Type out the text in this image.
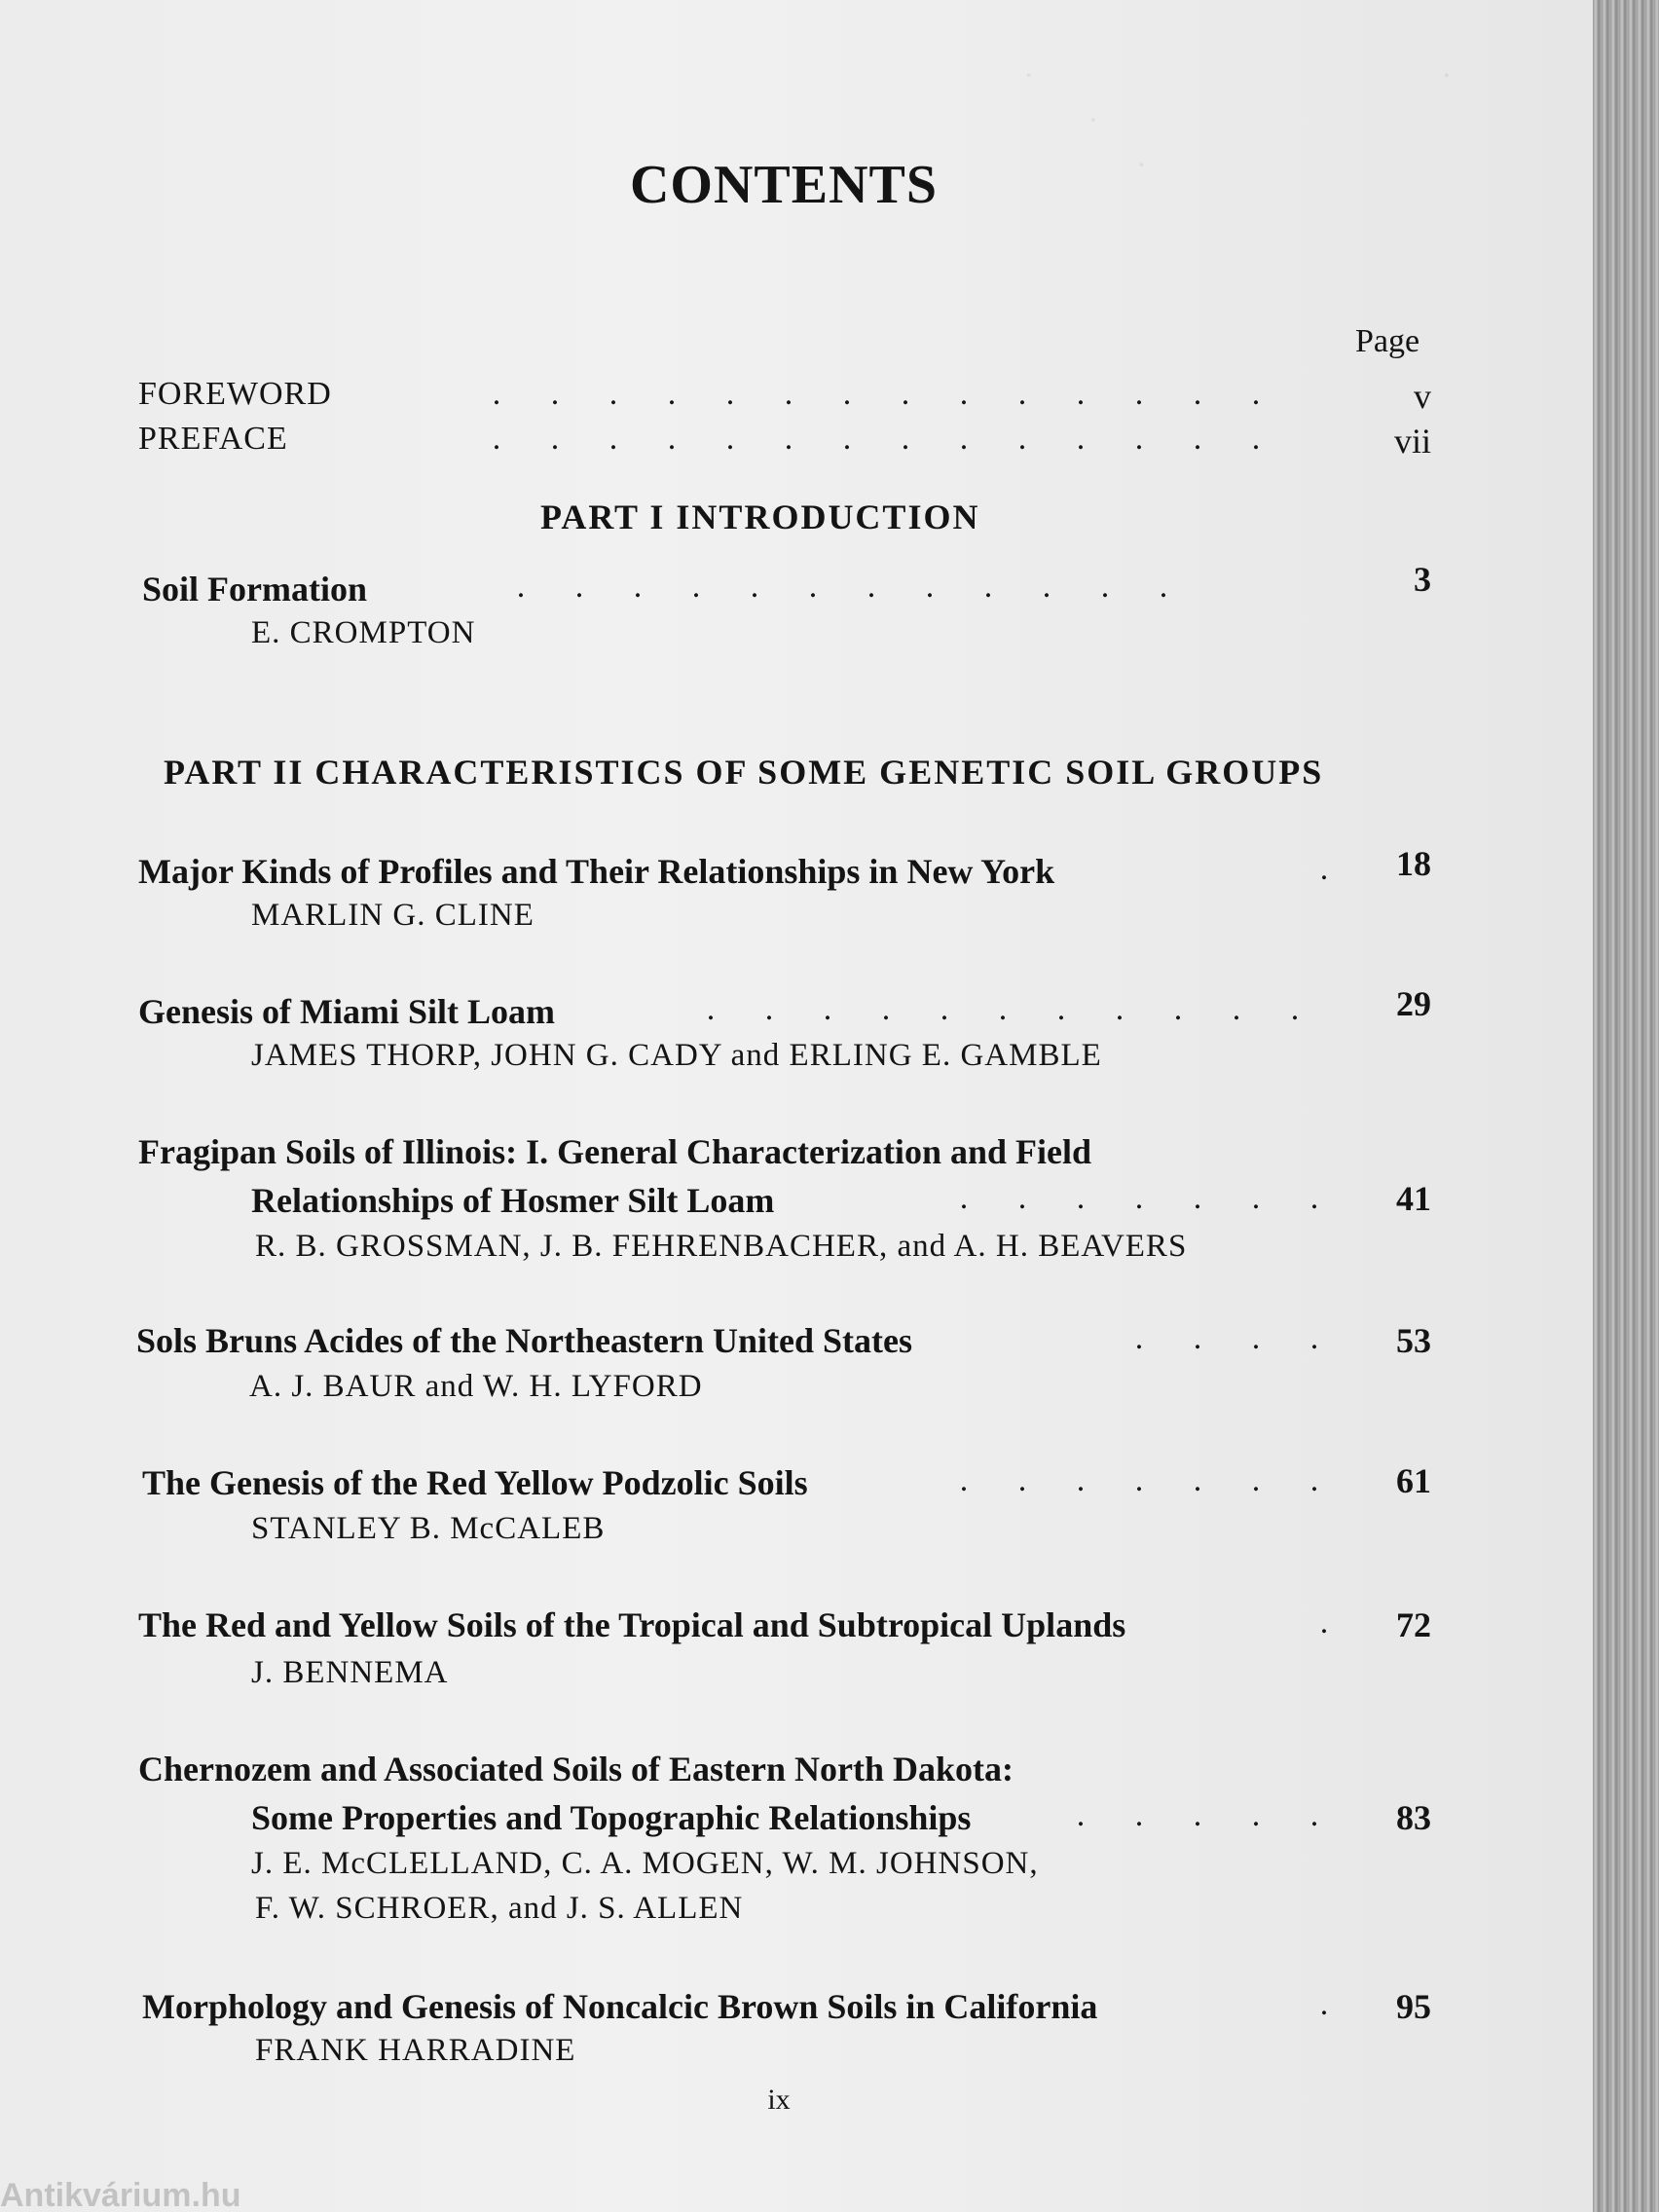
.                                                   .
.
.

CONTENTS
Page
FOREWORD	. . . . . . . . . . . . . .	v
PREFACE	. . . . . . . . . . . . . .	vii
PART I INTRODUCTION
Soil Formation	. . . . . . . . . . . .	3
E. CROMPTON
PART II CHARACTERISTICS OF SOME GENETIC SOIL GROUPS
Major Kinds of Profiles and Their Relationships in New York	.	18
MARLIN G. CLINE
Genesis of Miami Silt Loam	. . . . . . . . . . .	29
JAMES THORP, JOHN G. CADY and ERLING E. GAMBLE
Fragipan Soils of Illinois: I. General Characterization and Field
Relationships of Hosmer Silt Loam	. . . . . . .	41
R. B. GROSSMAN, J. B. FEHRENBACHER, and A. H. BEAVERS
Sols Bruns Acides of the Northeastern United States	. . . .	53
A. J. BAUR and W. H. LYFORD
The Genesis of the Red Yellow Podzolic Soils	. . . . . . .	61
STANLEY B. McCALEB
The Red and Yellow Soils of the Tropical and Subtropical Uplands	.	72
J. BENNEMA
Chernozem and Associated Soils of Eastern North Dakota:
Some Properties and Topographic Relationships	. . . . .	83
J. E. McCLELLAND, C. A. MOGEN, W. M. JOHNSON,
F. W. SCHROER, and J. S. ALLEN
Morphology and Genesis of Noncalcic Brown Soils in California	.	95
FRANK HARRADINE
ix
Antikvárium.hu
